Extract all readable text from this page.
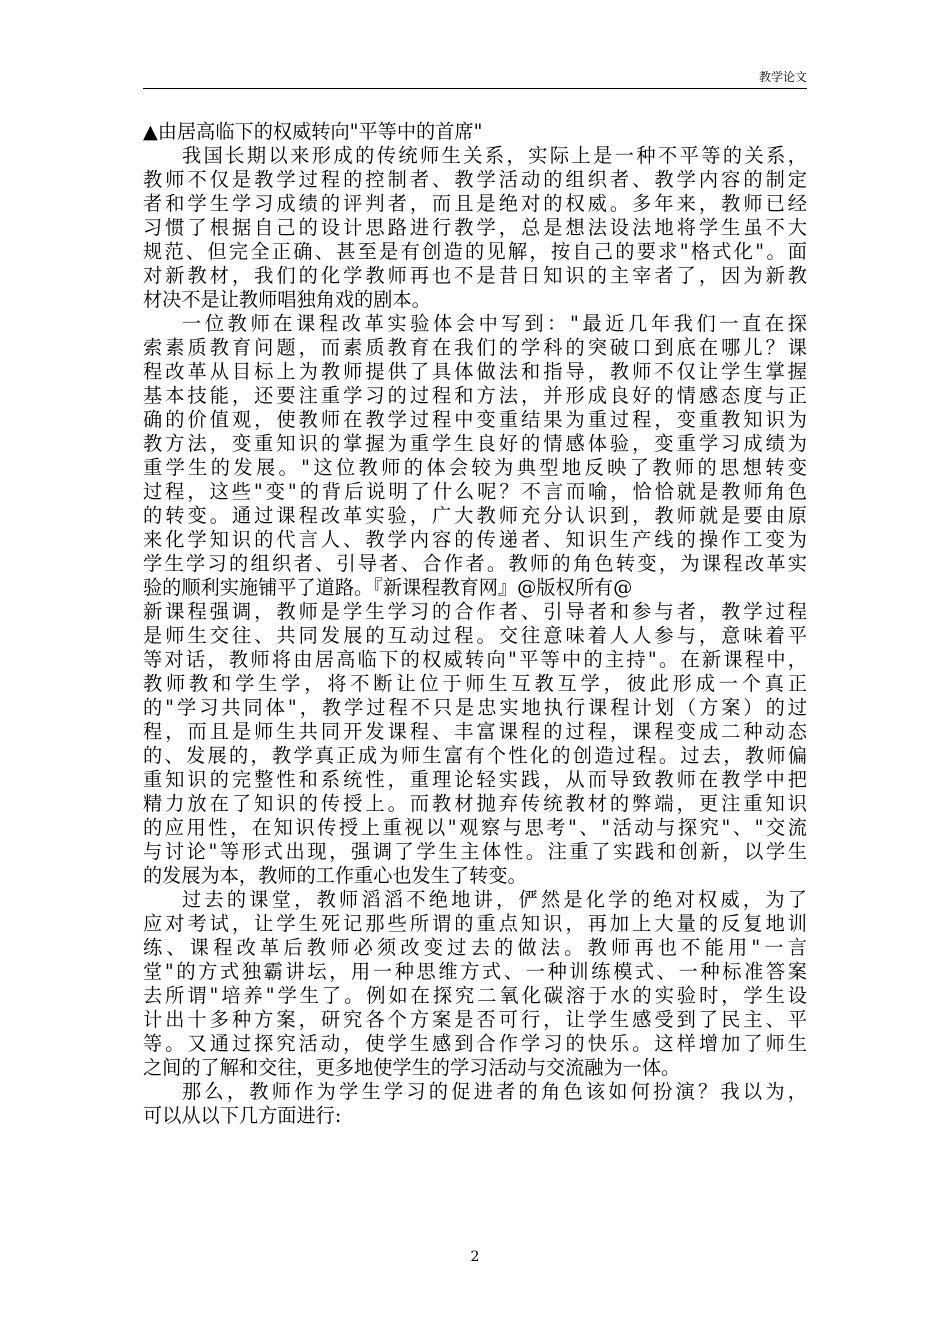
教学论文
▲由居高临下的权威转向"平等中的首席"
我国长期以来形成的传统师生关系，实际上是一种不平等的关系，
教师不仅是教学过程的控制者、教学活动的组织者、教学内容的制定
者和学生学习成绩的评判者，而且是绝对的权威。多年来，教师已经
习惯了根据自己的设计思路进行教学，总是想法设法地将学生虽不大
规范、但完全正确、甚至是有创造的见解，按自己的要求"格式化"。面
对新教材，我们的化学教师再也不是昔日知识的主宰者了，因为新教
材决不是让教师唱独角戏的剧本。
一位教师在课程改革实验体会中写到："最近几年我们一直在探
索素质教育问题，而素质教育在我们的学科的突破口到底在哪儿？课
程改革从目标上为教师提供了具体做法和指导，教师不仅让学生掌握
基本技能，还要注重学习的过程和方法，并形成良好的情感态度与正
确的价值观，使教师在教学过程中变重结果为重过程，变重教知识为
教方法，变重知识的掌握为重学生良好的情感体验，变重学习成绩为
重学生的发展。"这位教师的体会较为典型地反映了教师的思想转变
过程，这些"变"的背后说明了什么呢？不言而喻，恰恰就是教师角色
的转变。通过课程改革实验，广大教师充分认识到，教师就是要由原
来化学知识的代言人、教学内容的传递者、知识生产线的操作工变为
学生学习的组织者、引导者、合作者。教师的角色转变，为课程改革实
验的顺利实施铺平了道路。『新课程教育网』@版权所有@
新课程强调，教师是学生学习的合作者、引导者和参与者，教学过程
是师生交往、共同发展的互动过程。交往意味着人人参与，意味着平
等对话，教师将由居高临下的权威转向"平等中的主持"。在新课程中，
教师教和学生学，将不断让位于师生互教互学，彼此形成一个真正
的"学习共同体"，教学过程不只是忠实地执行课程计划（方案）的过
程，而且是师生共同开发课程、丰富课程的过程，课程变成二种动态
的、发展的，教学真正成为师生富有个性化的创造过程。过去，教师偏
重知识的完整性和系统性，重理论轻实践，从而导致教师在教学中把
精力放在了知识的传授上。而教材抛弃传统教材的弊端，更注重知识
的应用性，在知识传授上重视以"观察与思考"、"活动与探究"、"交流
与讨论"等形式出现，强调了学生主体性。注重了实践和创新，以学生
的发展为本，教师的工作重心也发生了转变。
过去的课堂，教师滔滔不绝地讲，俨然是化学的绝对权威，为了
应对考试，让学生死记那些所谓的重点知识，再加上大量的反复地训
练、课程改革后教师必须改变过去的做法。教师再也不能用"一言
堂"的方式独霸讲坛，用一种思维方式、一种训练模式、一种标准答案
去所谓"培养"学生了。例如在探究二氧化碳溶于水的实验时，学生设
计出十多种方案，研究各个方案是否可行，让学生感受到了民主、平
等。又通过探究活动，使学生感到合作学习的快乐。这样增加了师生
之间的了解和交往，更多地使学生的学习活动与交流融为一体。
那么，教师作为学生学习的促进者的角色该如何扮演？我以为，
可以从以下几方面进行:
2
